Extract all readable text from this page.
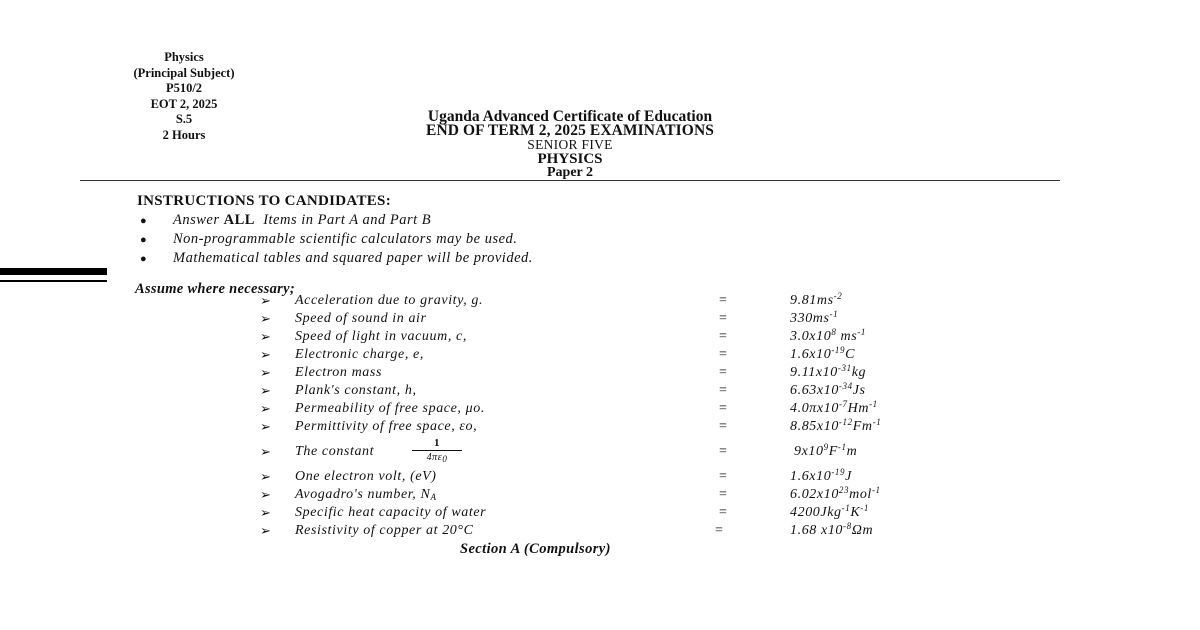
Physics
(Principal Subject)
P510/2
EOT 2, 2025
S.5
2 Hours
Uganda Advanced Certificate of Education
END OF TERM 2, 2025 EXAMINATIONS
SENIOR FIVE
PHYSICS
Paper 2
INSTRUCTIONS TO CANDIDATES:
●	Answer
ALL Items in Part A and Part B
●	Non-programmable scientific calculators may be used.
●	Mathematical tables and squared paper will be provided.
Assume where necessary;
➢ Acceleration due to gravity, g.	=	$9.81ms^{-2}$
➢ Speed of sound in air	=	$330ms^{-1}$
➢ Speed of light in vacuum, c,	=	$3.0x10^8$ $ms^{-1}$
➢ Electronic charge, e,	=	$1.6x10^{-19}C$
➢ Electron mass	=	$9.11x10^{-31}kg$
➢ Plank's constant, h,	=	$6.63x10^{-34}Js$
➢ Permeability of free space, μo.	=	$4.0\pi x10^{-7}Hm^{-1}$
➢ Permittivity of free space, εo,	=	$8.85x10^{-12}Fm^{-1}$
➢ The constant
1
$4\pi\varepsilon_0$	=	$9x10^9F^{-1}m$
➢ One electron volt, (eV)	=	$1.6x10^{-19}J$
➢ Avogadro's number, $N_A$	=	$6.02x10^{23}mol^{-1}$
➢ Specific heat capacity of water	=	$4200Jkg^{-1}K^{-1}$
➢ Resistivity of copper at 20°C	=	1.68 $x10^{-8}\Omega m$
Section A (Compulsory)
